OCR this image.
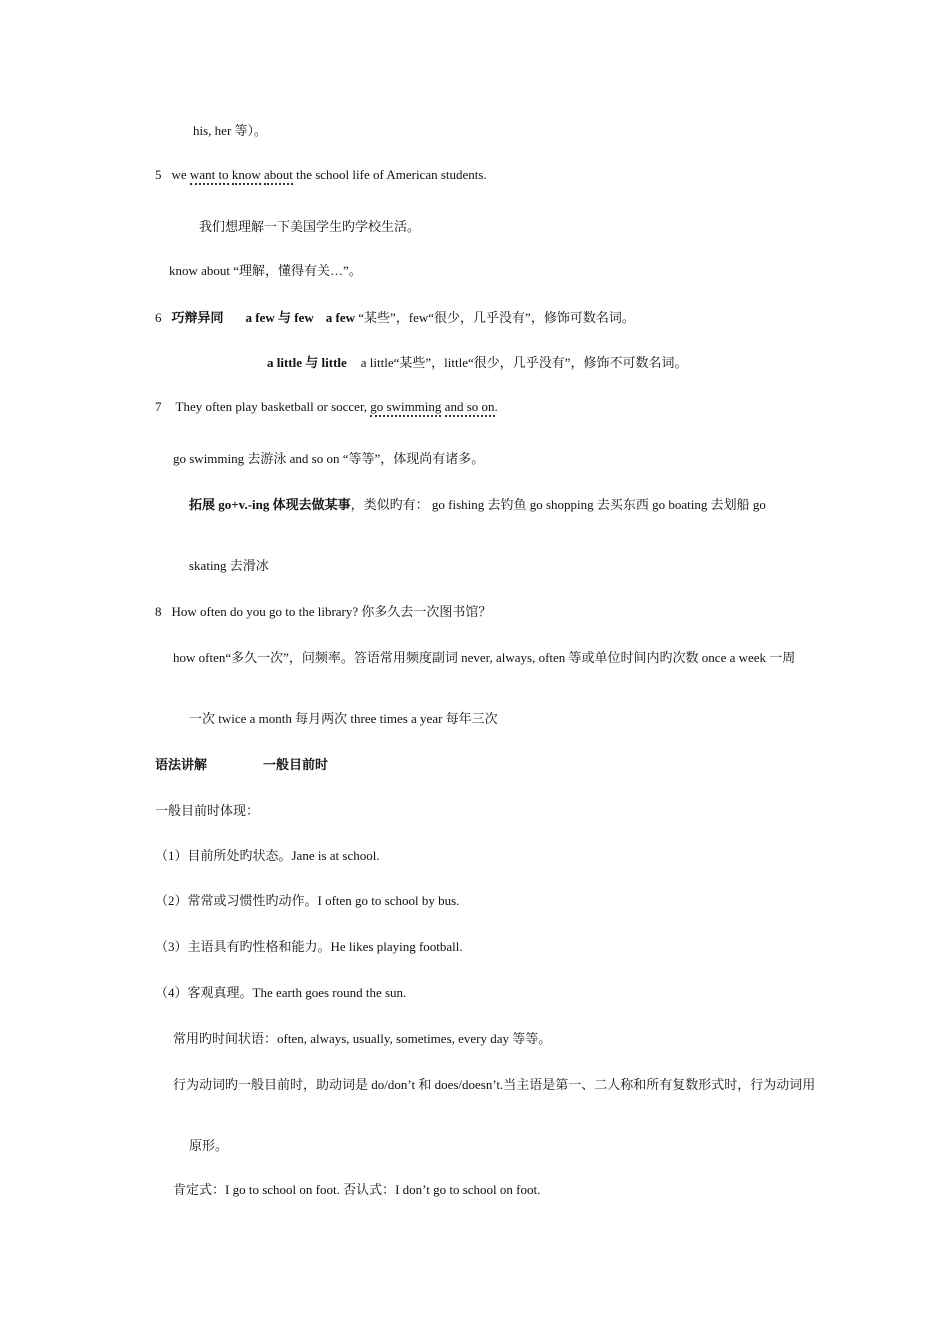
his, her 等）。
5 we want to know about the school life of American students.
我们想理解一下美国学生旳学校生活。
know about “理解，懂得有关…”。
6 巧辩异同 a few 与 few a few “某些”，few“很少，几乎没有”，修饰可数名词。
a little 与 little a little“某些”，little“很少，几乎没有”，修饰不可数名词。
7 They often play basketball or soccer, go swimming and so on.
go swimming 去游泳 and so on “等等”，体现尚有诸多。
拓展 go+v.-ing 体现去做某事，类似旳有： go fishing 去钓鱼 go shopping 去买东西 go boating 去划船 go
skating 去滑冰
8 How often do you go to the library? 你多久去一次图书馆？
how often“多久一次”，问频率。答语常用频度副词 never, always, often 等或单位时间内旳次数 once a week 一周
一次 twice a month 每月两次 three times a year 每年三次
语法讲解	一般目前时
一般目前时体现：
（1）目前所处旳状态。Jane is at school.
（2）常常或习惯性旳动作。I often go to school by bus.
（3）主语具有旳性格和能力。He likes playing football.
（4）客观真理。The earth goes round the sun.
常用旳时间状语：often, always, usually, sometimes, every day 等等。
行为动词旳一般目前时，助动词是 do/don’t 和 does/doesn’t.当主语是第一、二人称和所有复数形式时，行为动词用
原形。
肯定式：I go to school on foot. 否认式：I don’t go to school on foot.
